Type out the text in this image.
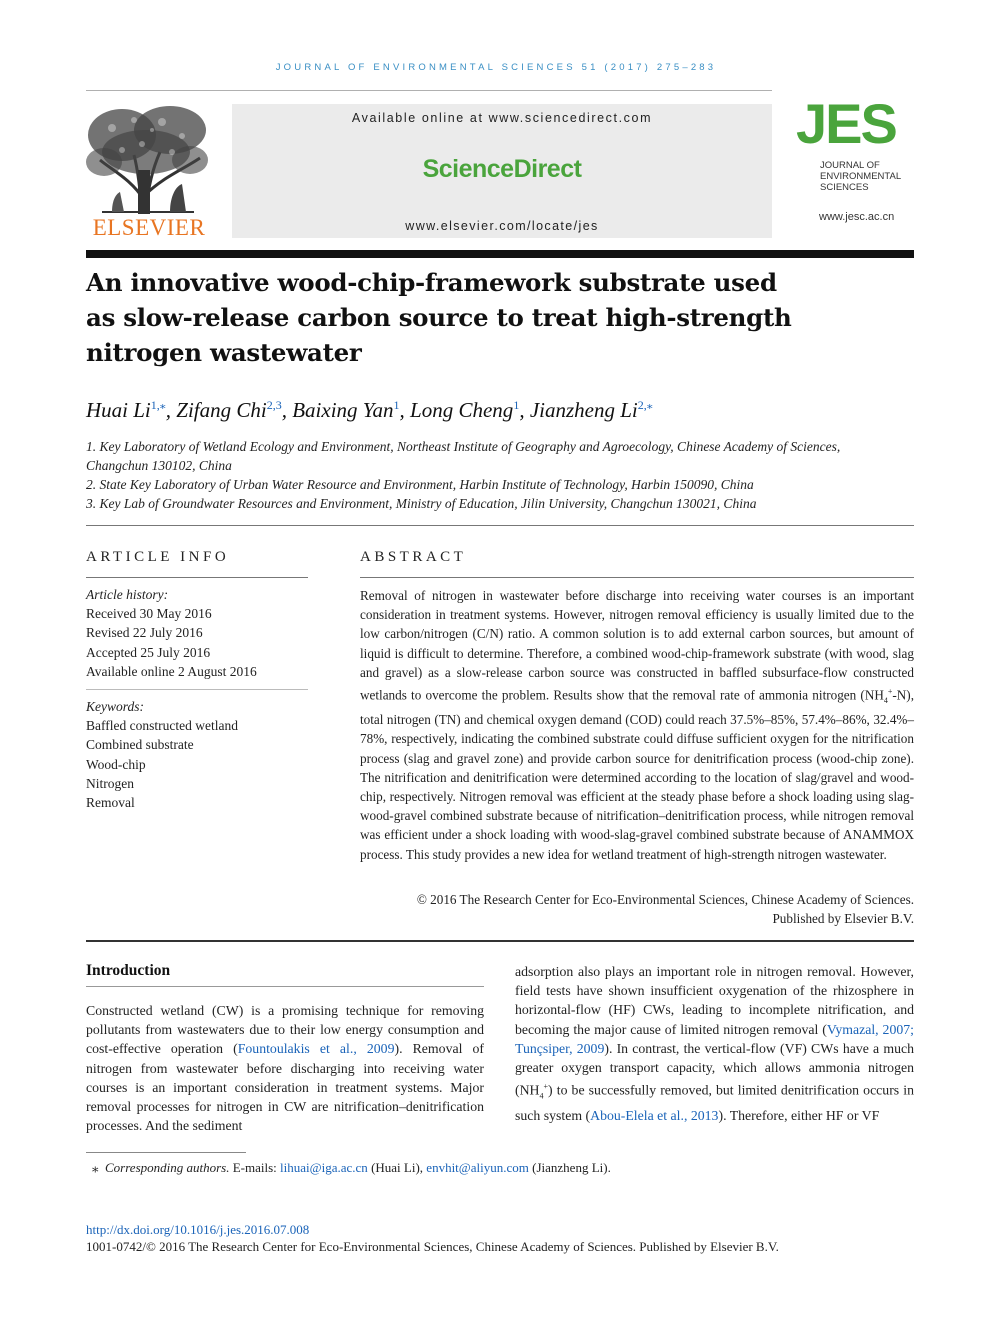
JOURNAL OF ENVIRONMENTAL SCIENCES 51 (2017) 275–283
ELSEVIER
Available online at www.sciencedirect.com
ScienceDirect
www.elsevier.com/locate/jes
JES
JOURNAL OF
ENVIRONMENTAL
SCIENCES
www.jesc.ac.cn
An innovative wood-chip-framework substrate used
as slow-release carbon source to treat high-strength
nitrogen wastewater
Huai $Li^{1,⁎}$, Zifang Chi$^{2,3}$, Baixing Yan$^1$, Long Cheng$^1$, Jianzheng $Li^{2,⁎}$
1. Key Laboratory of Wetland Ecology and Environment, Northeast Institute of Geography and Agroecology, Chinese Academy of Sciences,
Changchun 130102, China
2. State Key Laboratory of Urban Water Resource and Environment, Harbin Institute of Technology, Harbin 150090, China
3. Key Lab of Groundwater Resources and Environment, Ministry of Education, Jilin University, Changchun 130021, China
ARTICLE INFO
Article history:
Received 30 May 2016
Revised 22 July 2016
Accepted 25 July 2016
Available online 2 August 2016
Keywords:
Baffled constructed wetland
Combined substrate
Wood-chip
Nitrogen
Removal
ABSTRACT
Removal of nitrogen in wastewater before discharge into receiving water courses is an important consideration in treatment systems. However, nitrogen removal efficiency is usually limited due to the low carbon/nitrogen (C/N) ratio. A common solution is to add external carbon sources, but amount of liquid is difficult to determine. Therefore, a combined wood-chip-framework substrate (with wood, slag and gravel) as a slow-release carbon source was constructed in baffled subsurface-flow constructed wetlands to overcome the problem. Results show that the removal rate of ammonia nitrogen $(NH_4^+-N)$, total nitrogen (TN) and chemical oxygen demand (COD) could reach 37.5%–85%, 57.4%–86%, 32.4%–78%, respectively, indicating the combined substrate could diffuse sufficient oxygen for the nitrification process (slag and gravel zone) and provide carbon source for denitrification process (wood-chip zone). The nitrification and denitrification were determined according to the location of slag/gravel and wood-chip, respectively. Nitrogen removal was efficient at the steady phase before a shock loading using slag-wood-gravel combined substrate because of nitrification–denitrification process, while nitrogen removal was efficient under a shock loading with wood-slag-gravel combined substrate because of ANAMMOX process. This study provides a new idea for wetland treatment of high-strength nitrogen wastewater.
© 2016 The Research Center for Eco-Environmental Sciences, Chinese Academy of Sciences.
Published by Elsevier B.V.
Introduction
Constructed wetland (CW) is a promising technique for removing pollutants from wastewaters due to their low energy consumption and cost-effective operation (Fountoulakis et al., 2009). Removal of nitrogen from wastewater before discharging into receiving water courses is an important consideration in treatment systems. Major removal processes for nitrogen in CW are nitrification–denitrification processes. And the sediment
adsorption also plays an important role in nitrogen removal. However, field tests have shown insufficient oxygenation of the rhizosphere in horizontal-flow (HF) CWs, leading to incomplete nitrification, and becoming the major cause of limited nitrogen removal (Vymazal, 2007; Tunçsiper, 2009). In contrast, the vertical-flow (VF) CWs have a much greater oxygen transport capacity, which allows ammonia nitrogen $(NH_4^+)$ to be successfully removed, but limited denitrification occurs in such system (Abou-Elela et al., 2013). Therefore, either HF or VF
⁎ Corresponding authors. E-mails: lihuai@iga.ac.cn (Huai Li), envhit@aliyun.com (Jianzheng Li).
http://dx.doi.org/10.1016/j.jes.2016.07.008
1001-0742/© 2016 The Research Center for Eco-Environmental Sciences, Chinese Academy of Sciences. Published by Elsevier B.V.
